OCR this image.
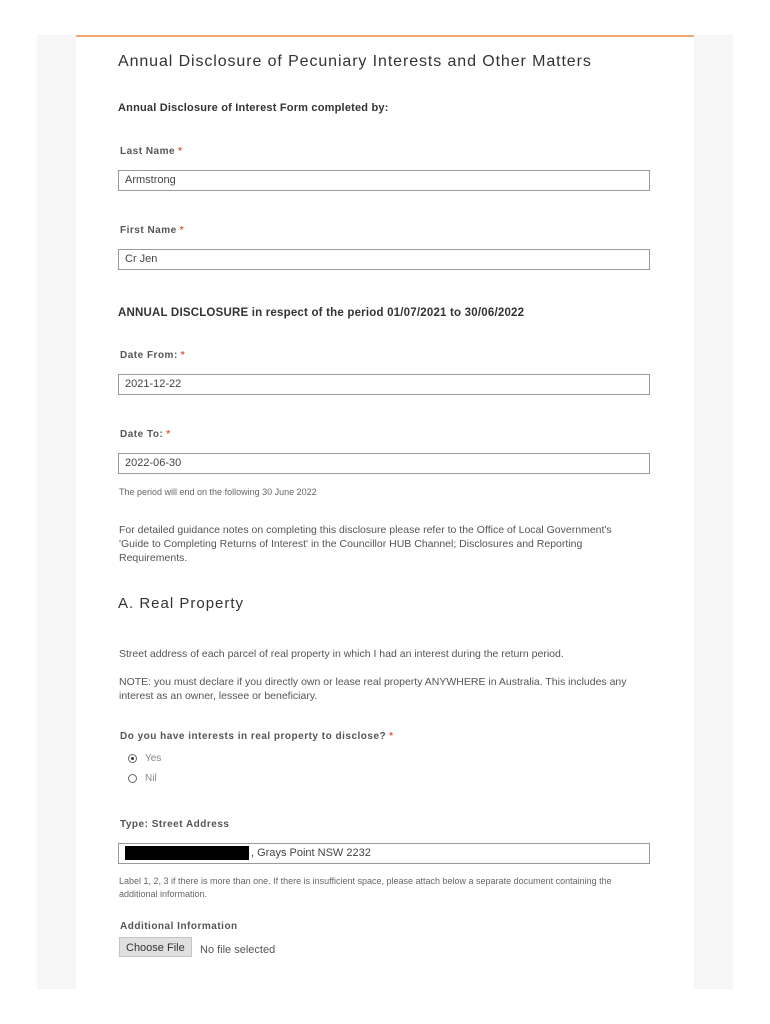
Annual Disclosure of Pecuniary Interests and Other Matters
Annual Disclosure of Interest Form completed by:
Last Name *
Armstrong
First Name *
Cr Jen
ANNUAL DISCLOSURE in respect of the period 01/07/2021 to 30/06/2022
Date From: *
2021-12-22
Date To: *
2022-06-30
The period will end on the following 30 June 2022
For detailed guidance notes on completing this disclosure please refer to the Office of Local Government's 'Guide to Completing Returns of Interest' in the Councillor HUB Channel; Disclosures and Reporting Requirements.
A. Real Property
Street address of each parcel of real property in which I had an interest during the return period.
NOTE: you must declare if you directly own or lease real property ANYWHERE in Australia. This includes any interest as an owner, lessee or beneficiary.
Do you have interests in real property to disclose? *
Yes
Nil
Type: Street Address
, Grays Point NSW 2232
Label 1, 2, 3 if there is more than one. If there is insufficient space, please attach below a separate document containing the additional information.
Additional Information
Choose File	No file selected
